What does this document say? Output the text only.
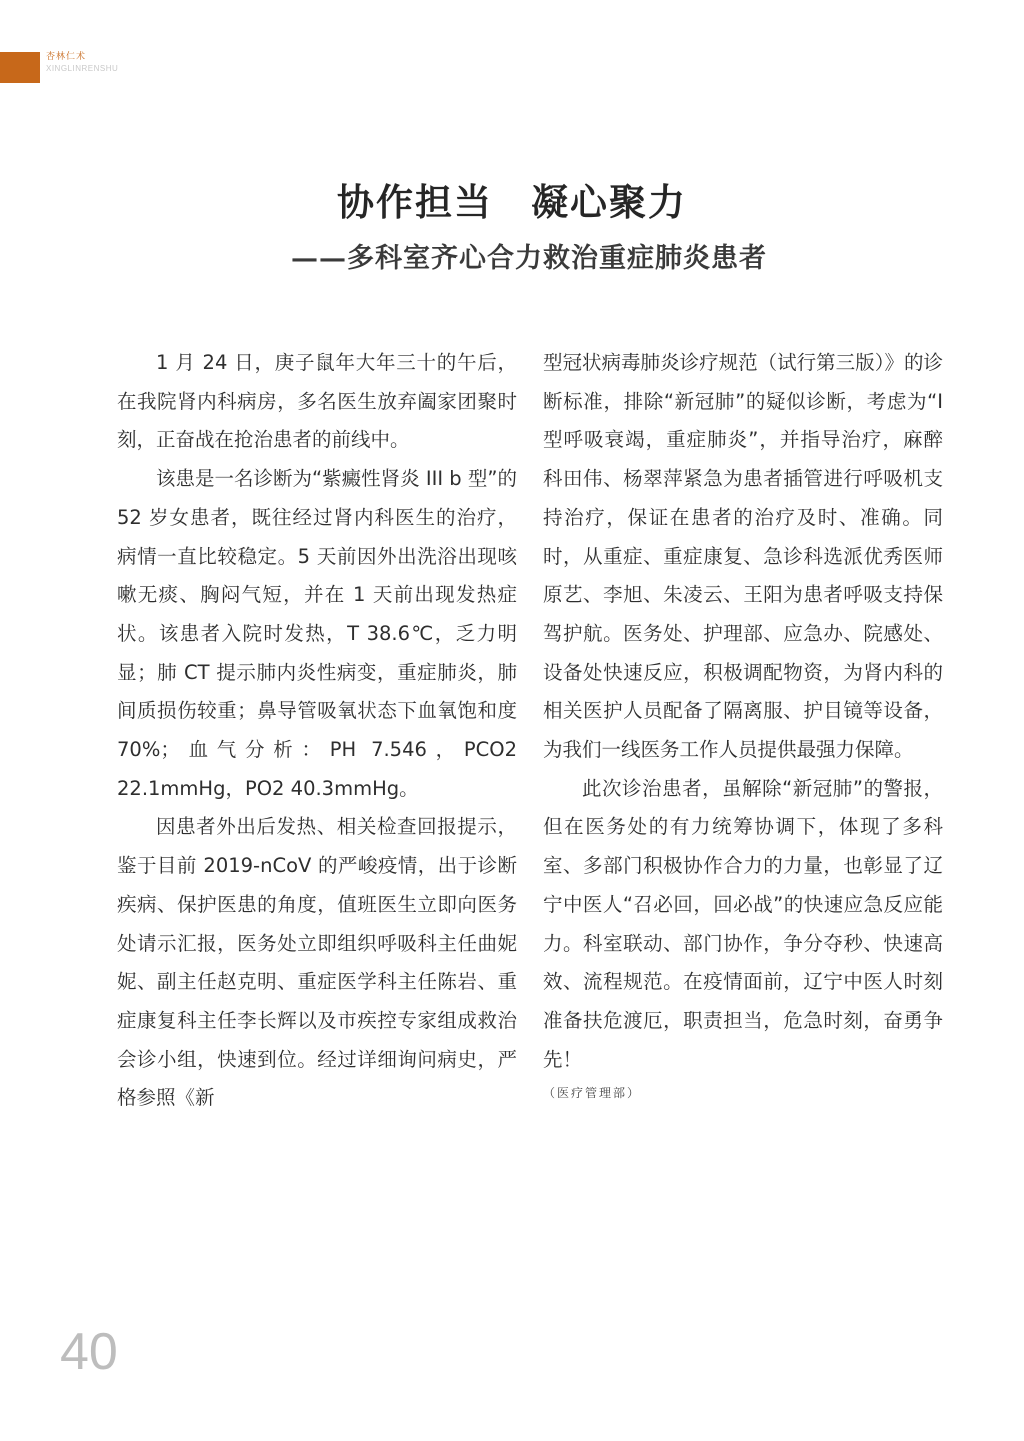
杏林仁术
XINGLINRENSHU
协作担当 凝心聚力
——多科室齐心合力救治重症肺炎患者

1 月 24 日，庚子鼠年大年三十的午后，在我院肾内科病房，多名医生放弃阖家团聚时刻，正奋战在抢治患者的前线中。

该患是一名诊断为“紫癜性肾炎 III b 型”的 52 岁女患者，既往经过肾内科医生的治疗，病情一直比较稳定。5 天前因外出洗浴出现咳嗽无痰、胸闷气短，并在 1 天前出现发热症状。该患者入院时发热，T 38.6℃，乏力明显；肺 CT 提示肺内炎性病变，重症肺炎，肺间质损伤较重；鼻导管吸氧状态下血氧饱和度 70%；血气分析：PH 7.546，PCO2 22.1mmHg，PO2 40.3mmHg。

因患者外出后发热、相关检查回报提示，鉴于目前 2019-nCoV 的严峻疫情，出于诊断疾病、保护医患的角度，值班医生立即向医务处请示汇报，医务处立即组织呼吸科主任曲妮妮、副主任赵克明、重症医学科主任陈岩、重症康复科主任李长辉以及市疾控专家组成救治会诊小组，快速到位。经过详细询问病史，严格参照《新

型冠状病毒肺炎诊疗规范（试行第三版）》的诊断标准，排除“新冠肺”的疑似诊断，考虑为“I 型呼吸衰竭，重症肺炎”，并指导治疗，麻醉科田伟、杨翠萍紧急为患者插管进行呼吸机支持治疗，保证在患者的治疗及时、准确。同时，从重症、重症康复、急诊科选派优秀医师原艺、李旭、朱凌云、王阳为患者呼吸支持保驾护航。医务处、护理部、应急办、院感处、设备处快速反应，积极调配物资，为肾内科的相关医护人员配备了隔离服、护目镜等设备，为我们一线医务工作人员提供最强力保障。

此次诊治患者，虽解除“新冠肺”的警报， 但在医务处的有力统筹协调下，体现了多科室、多部门积极协作合力的力量，也彰显了辽宁中医人“召必回，回必战”的快速应急反应能力。科室联动、部门协作，争分夺秒、快速高效、流程规范。在疫情面前，辽宁中医人时刻准备扶危渡厄，职责担当，危急时刻，奋勇争先！

（医疗管理部）

40
